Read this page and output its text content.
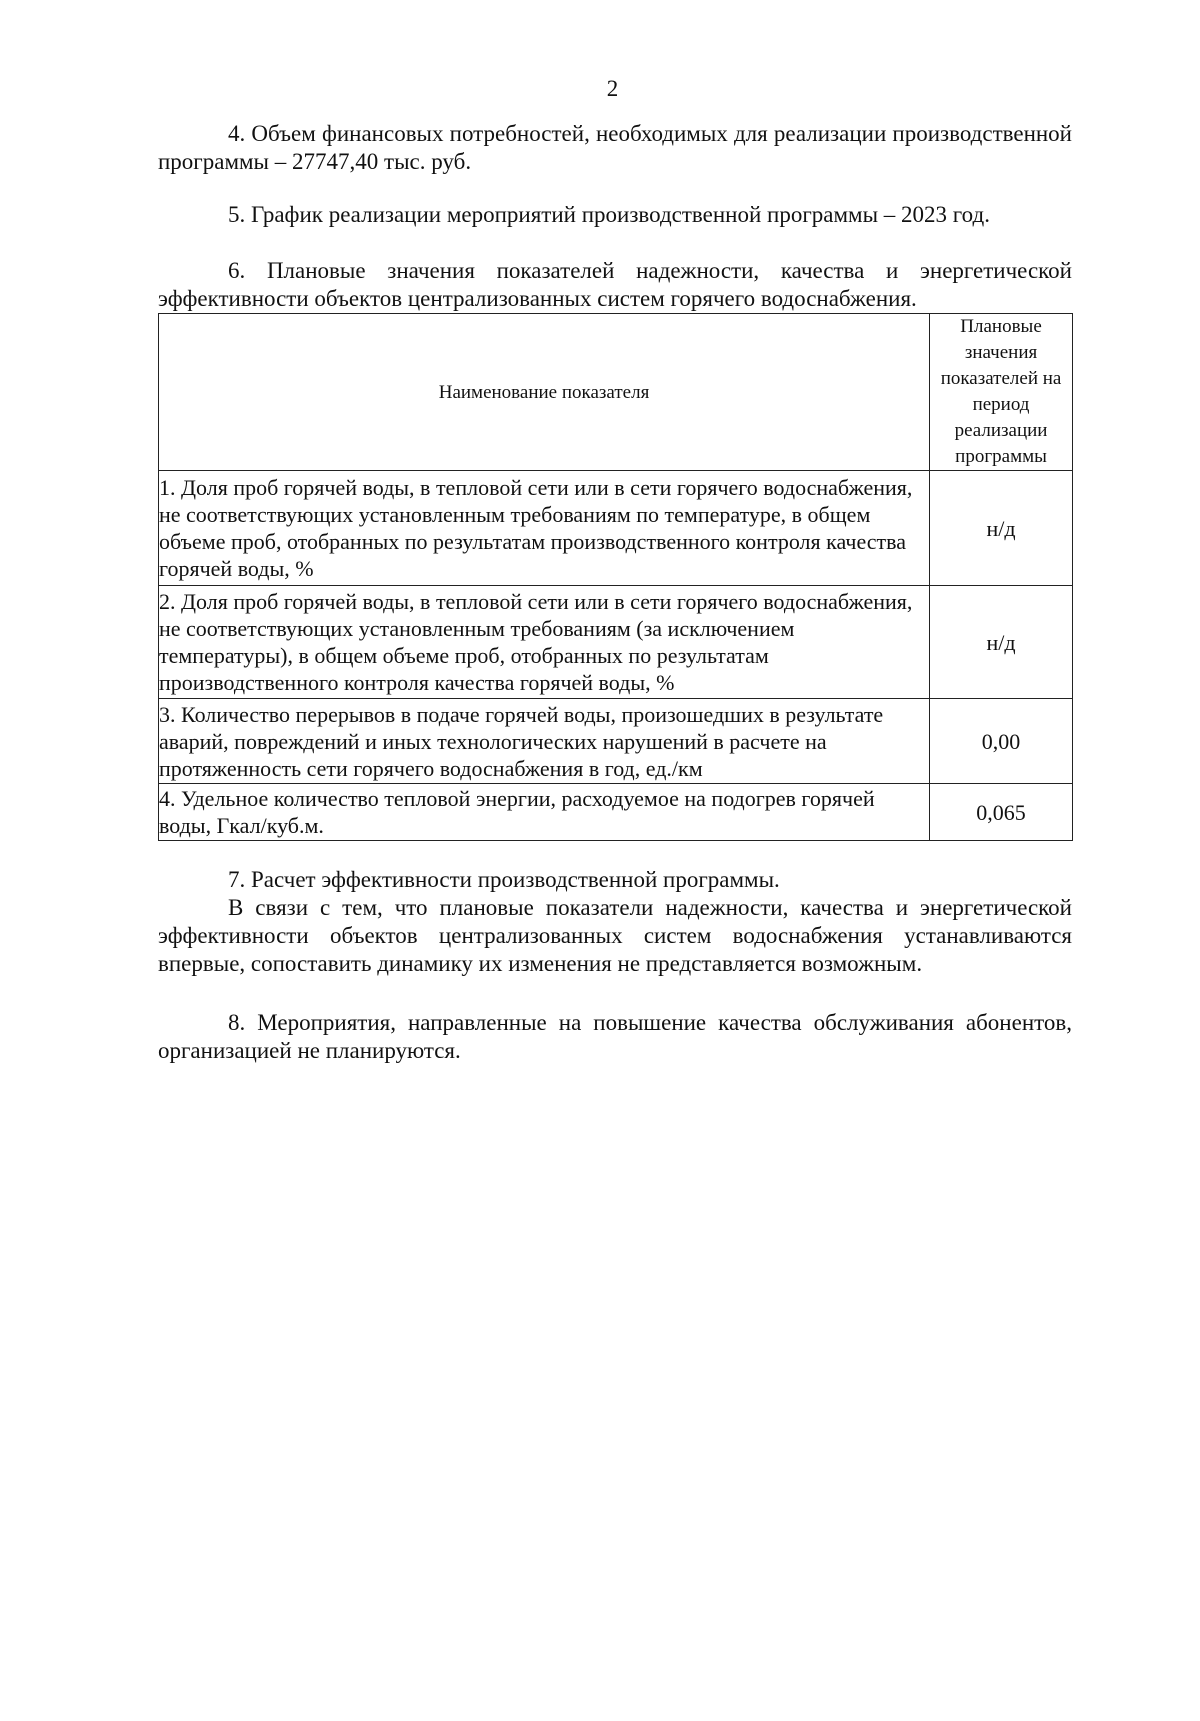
2

4. Объем финансовых потребностей, необходимых для реализации производственной программы – 27747,40 тыс. руб.

5. График реализации мероприятий производственной программы – 2023 год.

6. Плановые значения показателей надежности, качества и энергетической эффективности объектов централизованных систем горячего водоснабжения.

Наименование показателя	Плановые значения показателей на период реализации программы
1. Доля проб горячей воды, в тепловой сети или в сети горячего водоснабжения, не соответствующих установленным требованиям по температуре, в общем объеме проб, отобранных по результатам производственного контроля качества горячей воды, %	н/д
2. Доля проб горячей воды, в тепловой сети или в сети горячего водоснабжения, не соответствующих установленным требованиям (за исключением температуры), в общем объеме проб, отобранных по результатам производственного контроля качества горячей воды, %	н/д
3. Количество перерывов в подаче горячей воды, произошедших в результате аварий, повреждений и иных технологических нарушений в расчете на протяженность сети горячего водоснабжения в год, ед./км	0,00
4. Удельное количество тепловой энергии, расходуемое на подогрев горячей воды, Гкал/куб.м.	0,065

7. Расчет эффективности производственной программы.

В связи с тем, что плановые показатели надежности, качества и энергетической эффективности объектов централизованных систем водоснабжения устанавливаются впервые, сопоставить динамику их изменения не представляется возможным.

8. Мероприятия, направленные на повышение качества обслуживания абонентов, организацией не планируются.
